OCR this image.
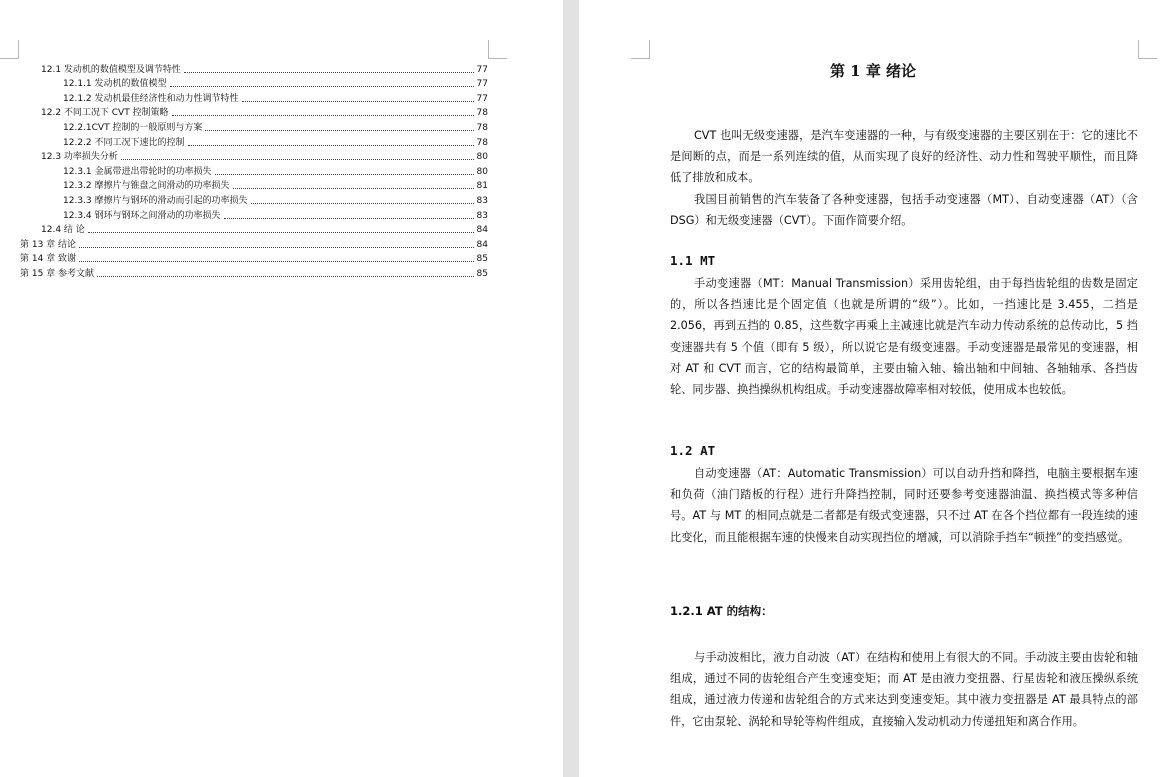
12.1 发动机的数值模型及调节特性	77
12.1.1 发动机的数值模型	77
12.1.2 发动机最佳经济性和动力性调节特性	77
12.2 不同工况下 CVT 控制策略	78
12.2.1CVT 控制的一般原则与方案	78
12.2.2 不同工况下速比的控制	78
12.3 功率损失分析	80
12.3.1 金属带进出带轮时的功率损失	80
12.3.2 摩擦片与锥盘之间滑动的功率损失	81
12.3.3 摩擦片与钢环的滑动而引起的功率损失	83
12.3.4 钢环与钢环之间滑动的功率损失	83
12.4 结 论	84
第 13 章 结论	84
第 14 章 致谢	85
第 15 章 参考文献	85
第 1 章 绪论

CVT 也叫无级变速器，是汽车变速器的一种，与有级变速器的主要区别在于：它的速比不是间断的点，而是一系列连续的值，从而实现了良好的经济性、动力性和驾驶平顺性，而且降低了排放和成本。

我国目前销售的汽车装备了各种变速器，包括手动变速器（MT）、自动变速器（AT）（含 DSG）和无级变速器（CVT）。下面作简要介绍。

1.1 MT

手动变速器（MT：Manual Transmission）采用齿轮组，由于每挡齿轮组的齿数是固定的，所以各挡速比是个固定值（也就是所谓的“级”）。比如，一挡速比是 3.455，二挡是 2.056，再到五挡的 0.85，这些数字再乘上主减速比就是汽车动力传动系统的总传动比，5 挡变速器共有 5 个值（即有 5 级），所以说它是有级变速器。手动变速器是最常见的变速器，相对 AT 和 CVT 而言，它的结构最简单，主要由输入轴、输出轴和中间轴、各轴轴承、各挡齿轮、同步器、换挡操纵机构组成。手动变速器故障率相对较低，使用成本也较低。

1.2 AT

自动变速器（AT：Automatic Transmission）可以自动升挡和降挡，电脑主要根据车速和负荷（油门踏板的行程）进行升降挡控制，同时还要参考变速器油温、换挡模式等多种信号。AT 与 MT 的相同点就是二者都是有级式变速器，只不过 AT 在各个挡位都有一段连续的速比变化，而且能根据车速的快慢来自动实现挡位的增减，可以消除手挡车“顿挫”的变挡感觉。

1.2.1 AT 的结构：

与手动波相比，液力自动波（AT）在结构和使用上有很大的不同。手动波主要由齿轮和轴组成，通过不同的齿轮组合产生变速变矩；而 AT 是由液力变扭器、行星齿轮和液压操纵系统组成，通过液力传递和齿轮组合的方式来达到变速变矩。其中液力变扭器是 AT 最具特点的部件，它由泵轮、涡轮和导轮等构件组成，直接输入发动机动力传递扭矩和离合作用。
